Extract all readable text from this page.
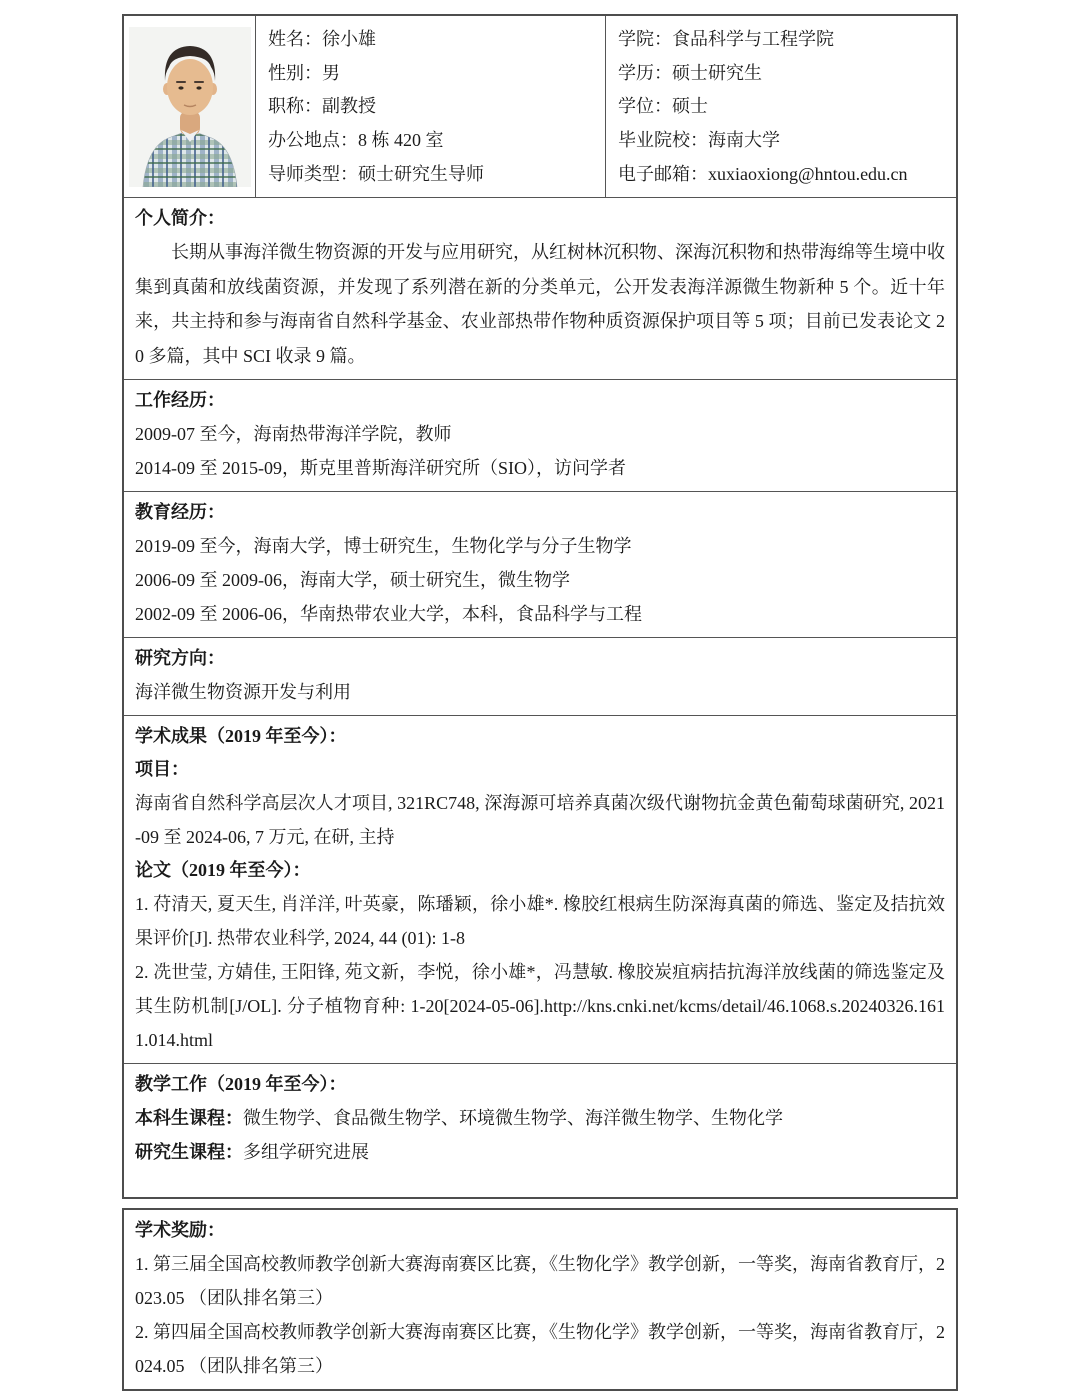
姓名：徐小雄
性别：男
职称：副教授
办公地点：8 栋 420 室
导师类型：硕士研究生导师
学院：食品科学与工程学院
学历：硕士研究生
学位：硕士
毕业院校：海南大学
电子邮箱：xuxiaoxiong@hntou.edu.cn
个人简介：
长期从事海洋微生物资源的开发与应用研究，从红树林沉积物、深海沉积物和热带海绵等生境中收集到真菌和放线菌资源，并发现了系列潜在新的分类单元，公开发表海洋源微生物新种 5 个。近十年来，共主持和参与海南省自然科学基金、农业部热带作物种质资源保护项目等 5 项；目前已发表论文 20 多篇，其中 SCI 收录 9 篇。
工作经历：
2009-07 至今，海南热带海洋学院，教师
2014-09 至 2015-09，斯克里普斯海洋研究所（SIO），访问学者
教育经历：
2019-09 至今，海南大学，博士研究生，生物化学与分子生物学
2006-09 至 2009-06，海南大学，硕士研究生，微生物学
2002-09 至 2006-06，华南热带农业大学，本科，食品科学与工程
研究方向：
海洋微生物资源开发与利用
学术成果（2019 年至今）：
项目：
海南省自然科学高层次人才项目, 321RC748, 深海源可培养真菌次级代谢物抗金黄色葡萄球菌研究, 2021-09 至 2024-06, 7 万元, 在研, 主持
论文（2019 年至今）：
1. 苻清天, 夏天生, 肖洋洋, 叶英豪，陈璠颖，徐小雄*. 橡胶红根病生防深海真菌的筛选、鉴定及拮抗效果评价[J]. 热带农业科学, 2024, 44 (01): 1-8
2. 冼世莹, 方婧佳, 王阳锋, 苑文新，李悦，徐小雄*，冯慧敏. 橡胶炭疽病拮抗海洋放线菌的筛选鉴定及其生防机制[J/OL]. 分子植物育种: 1-20[2024-05-06].http://kns.cnki.net/kcms/detail/46.1068.s.20240326.1611.014.html
教学工作（2019 年至今）：
本科生课程：微生物学、食品微生物学、环境微生物学、海洋微生物学、生物化学
研究生课程：多组学研究进展
学术奖励：
1. 第三届全国高校教师教学创新大赛海南赛区比赛，《生物化学》教学创新，一等奖，海南省教育厅，2023.05 （团队排名第三）
2. 第四届全国高校教师教学创新大赛海南赛区比赛，《生物化学》教学创新，一等奖，海南省教育厅，2024.05 （团队排名第三）
